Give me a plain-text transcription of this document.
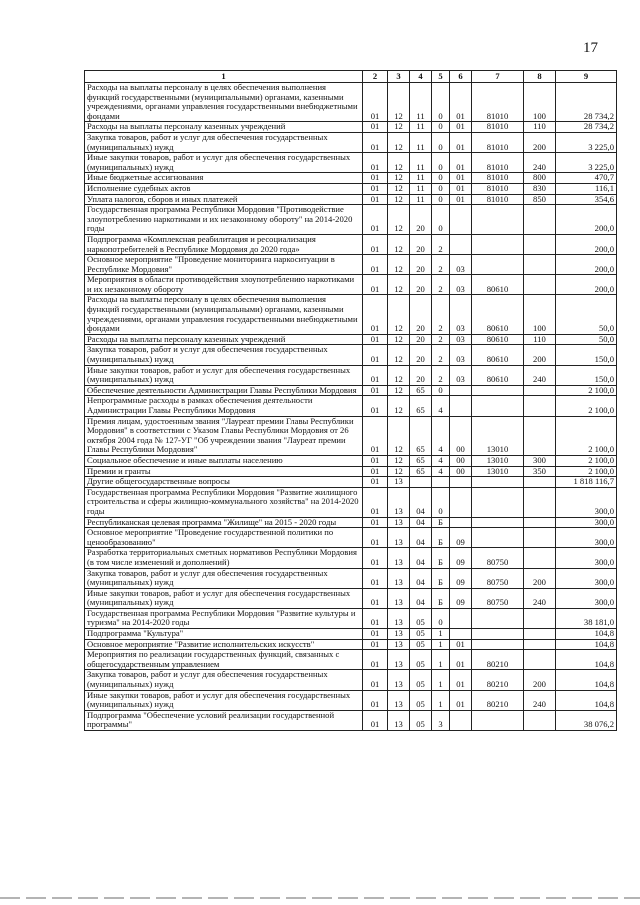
17
1	2	3	4	5	6	7	8	9
Расходы на выплаты персоналу в целях обеспечения выполнения функций государственными (муниципальными) органами, казенными учреждениями, органами управления государственными внебюджетными фондами	01	12	11	0	01	81010	100	28 734,2
Расходы на выплаты персоналу казенных учреждений	01	12	11	0	01	81010	110	28 734,2
Закупка товаров, работ и услуг для обеспечения государственных (муниципальных) нужд	01	12	11	0	01	81010	200	3 225,0
Иные закупки товаров, работ и услуг для обеспечения государственных (муниципальных) нужд	01	12	11	0	01	81010	240	3 225,0
Иные бюджетные ассигнования	01	12	11	0	01	81010	800	470,7
Исполнение судебных актов	01	12	11	0	01	81010	830	116,1
Уплата налогов, сборов и иных платежей	01	12	11	0	01	81010	850	354,6
Государственная программа Республики Мордовия "Противодействие злоупотреблению наркотиками и их незаконному обороту" на 2014-2020 годы	01	12	20	0				200,0
Подпрограмма «Комплексная реабилитация и ресоциализация наркопотребителей в Республике Мордовия до 2020 года»	01	12	20	2				200,0
Основное мероприятие "Проведение мониторинга наркоситуации в Республике Мордовия"	01	12	20	2	03			200,0
Мероприятия в области противодействия злоупотреблению наркотиками и их незаконному обороту	01	12	20	2	03	80610		200,0
Расходы на выплаты персоналу в целях обеспечения выполнения функций государственными (муниципальными) органами, казенными учреждениями, органами управления государственными внебюджетными фондами	01	12	20	2	03	80610	100	50,0
Расходы на выплаты персоналу казенных учреждений	01	12	20	2	03	80610	110	50,0
Закупка товаров, работ и услуг для обеспечения государственных (муниципальных) нужд	01	12	20	2	03	80610	200	150,0
Иные закупки товаров, работ и услуг для обеспечения государственных (муниципальных) нужд	01	12	20	2	03	80610	240	150,0
Обеспечение деятельности Администрации Главы Республики Мордовия	01	12	65	0				2 100,0
Непрограммные расходы в рамках обеспечения деятельности Администрации Главы Республики Мордовия	01	12	65	4				2 100,0
Премия лицам, удостоенным звания "Лауреат премии Главы Республики Мордовия" в соответствии с Указом Главы Республики Мордовия от 26 октября 2004 года № 127-УГ "Об учреждении звания "Лауреат премии Главы Республики Мордовия"	01	12	65	4	00	13010		2 100,0
Социальное обеспечение и иные выплаты населению	01	12	65	4	00	13010	300	2 100,0
Премии и гранты	01	12	65	4	00	13010	350	2 100,0
Другие общегосударственные вопросы	01	13						1 818 116,7
Государственная программа Республики Мордовия "Развитие жилищного строительства и сферы жилищно-коммунального хозяйства" на 2014-2020 годы	01	13	04	0				300,0
Республиканская целевая программа "Жилище" на 2015 - 2020 годы	01	13	04	Б				300,0
Основное мероприятие "Проведение государственной политики по ценообразованию"	01	13	04	Б	09			300,0
Разработка территориальных сметных нормативов Республики Мордовия (в том числе изменений и дополнений)	01	13	04	Б	09	80750		300,0
Закупка товаров, работ и услуг для обеспечения государственных (муниципальных) нужд	01	13	04	Б	09	80750	200	300,0
Иные закупки товаров, работ и услуг для обеспечения государственных (муниципальных) нужд	01	13	04	Б	09	80750	240	300,0
Государственная программа Республики Мордовия "Развитие культуры и туризма" на 2014-2020 годы	01	13	05	0				38 181,0
Подпрограмма "Культура"	01	13	05	1				104,8
Основное мероприятие "Развитие исполнительских искусств"	01	13	05	1	01			104,8
Мероприятия по реализации государственных функций, связанных с общегосударственным управлением	01	13	05	1	01	80210		104,8
Закупка товаров, работ и услуг для обеспечения государственных (муниципальных) нужд	01	13	05	1	01	80210	200	104,8
Иные закупки товаров, работ и услуг для обеспечения государственных (муниципальных) нужд	01	13	05	1	01	80210	240	104,8
Подпрограмма "Обеспечение условий реализации государственной программы"	01	13	05	3				38 076,2
